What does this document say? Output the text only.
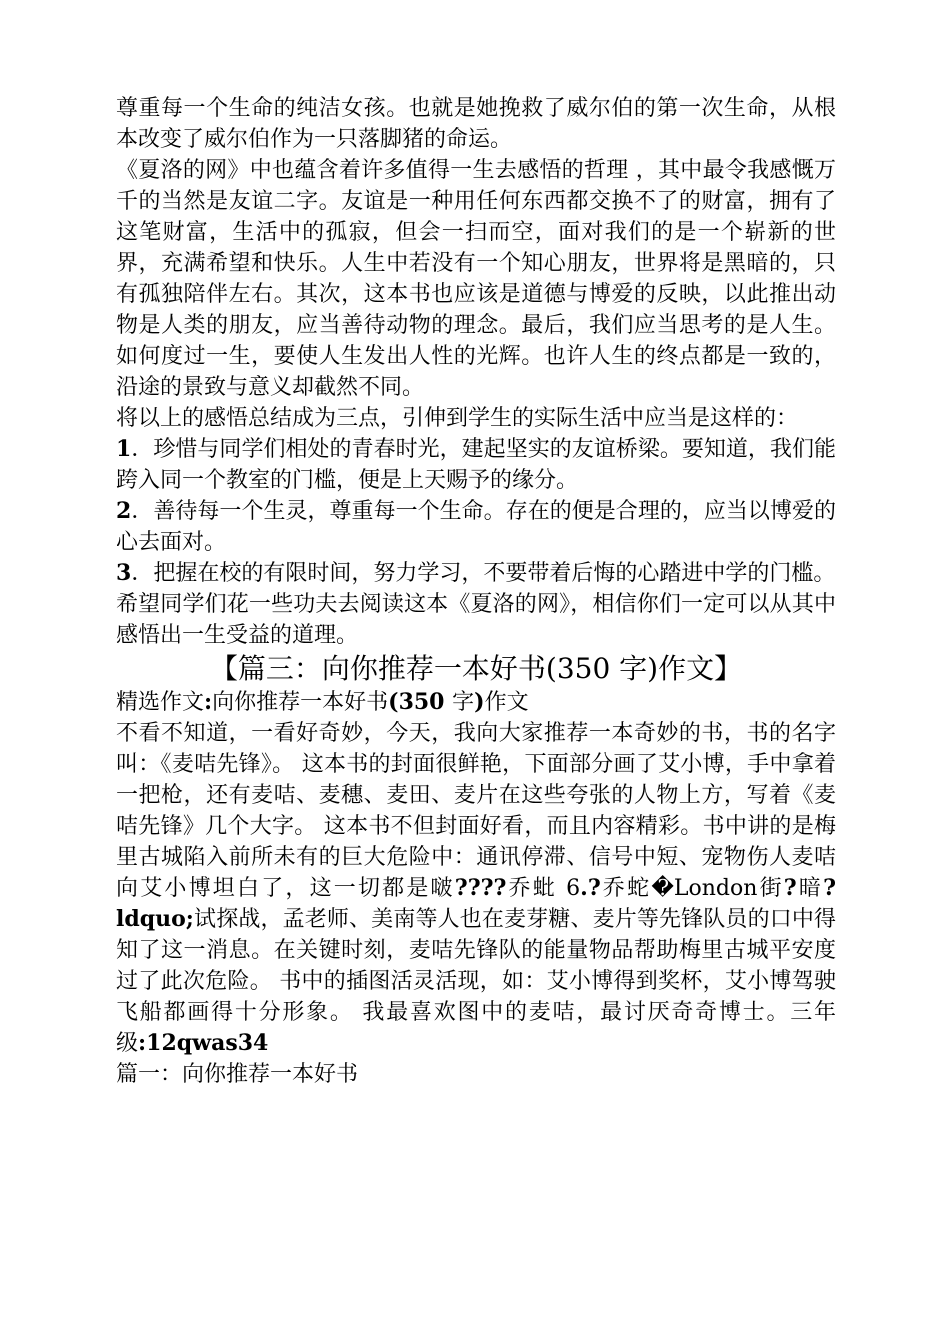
尊重每一个生命的纯洁女孩。也就是她挽救了威尔伯的第一次生命，从根本改变了威尔伯作为一只落脚猪的命运。

《夏洛的网》中也蕴含着许多值得一生去感悟的哲理 ，其中最令我感慨万千的当然是友谊二字。友谊是一种用任何东西都交换不了的财富，拥有了这笔财富，生活中的孤寂，但会一扫而空，面对我们的是一个崭新的世界，充满希望和快乐。人生中若没有一个知心朋友，世界将是黑暗的，只有孤独陪伴左右。其次，这本书也应该是道德与博爱的反映，以此推出动物是人类的朋友，应当善待动物的理念。最后，我们应当思考的是人生。如何度过一生，要使人生发出人性的光辉。也许人生的终点都是一致的，沿途的景致与意义却截然不同。

将以上的感悟总结成为三点，引伸到学生的实际生活中应当是这样的：

1．珍惜与同学们相处的青春时光，建起坚实的友谊桥梁。要知道，我们能跨入同一个教室的门槛，便是上天赐予的缘分。

2．善待每一个生灵，尊重每一个生命。存在的便是合理的，应当以博爱的心去面对。

3．把握在校的有限时间，努力学习，不要带着后悔的心踏进中学的门槛。

希望同学们花一些功夫去阅读这本《夏洛的网》，相信你们一定可以从其中感悟出一生受益的道理。

【篇三：向你推荐一本好书(350 字)作文】

精选作文:向你推荐一本好书(350 字)作文

不看不知道，一看好奇妙，今天，我向大家推荐一本奇妙的书，书的名字叫：《麦咭先锋》。 这本书的封面很鲜艳，下面部分画了艾小博，手中拿着一把枪，还有麦咭、麦穗、麦田、麦片在这些夸张的人物上方，写着《麦咭先锋》几个大字。 这本书不但封面好看，而且内容精彩。书中讲的是梅里古城陷入前所未有的巨大危险中：通讯停滞、信号中短、宠物伤人麦咭向艾小博坦白了，这一切都是啵????乔蚍 6.?乔蛇�London街?暗?ldquo;试探战，孟老师、美南等人也在麦芽糖、麦片等先锋队员的口中得知了这一消息。在关键时刻，麦咭先锋队的能量物品帮助梅里古城平安度过了此次危险。 书中的插图活灵活现，如：艾小博得到奖杯，艾小博驾驶飞船都画得十分形象。 我最喜欢图中的麦咭，最讨厌奇奇博士。三年级:12qwas34

篇一：向你推荐一本好书
